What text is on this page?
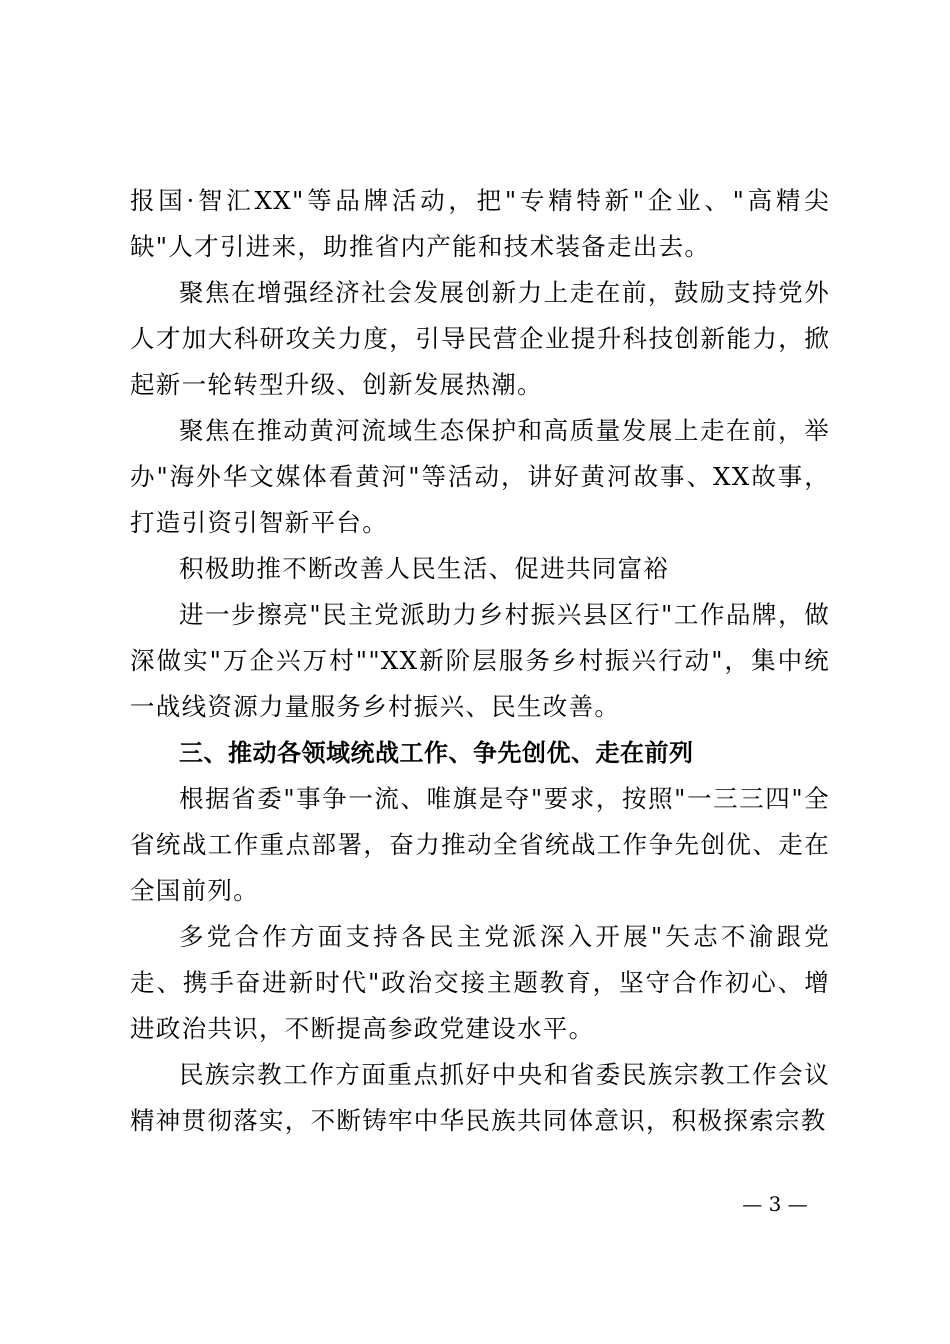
报国·智汇XX"等品牌活动，把"专精特新"企业、"高精尖缺"人才引进来，助推省内产能和技术装备走出去。

聚焦在增强经济社会发展创新力上走在前，鼓励支持党外人才加大科研攻关力度，引导民营企业提升科技创新能力，掀起新一轮转型升级、创新发展热潮。

聚焦在推动黄河流域生态保护和高质量发展上走在前，举办"海外华文媒体看黄河"等活动，讲好黄河故事、XX故事，打造引资引智新平台。

积极助推不断改善人民生活、促进共同富裕

进一步擦亮"民主党派助力乡村振兴县区行"工作品牌，做深做实"万企兴万村""XX新阶层服务乡村振兴行动"，集中统一战线资源力量服务乡村振兴、民生改善。

三、推动各领域统战工作、争先创优、走在前列

根据省委"事争一流、唯旗是夺"要求，按照"一三三四"全省统战工作重点部署，奋力推动全省统战工作争先创优、走在全国前列。

多党合作方面支持各民主党派深入开展"矢志不渝跟党走、携手奋进新时代"政治交接主题教育，坚守合作初心、增进政治共识，不断提高参政党建设水平。

民族宗教工作方面重点抓好中央和省委民族宗教工作会议精神贯彻落实，不断铸牢中华民族共同体意识，积极探索宗教

— 3 —
